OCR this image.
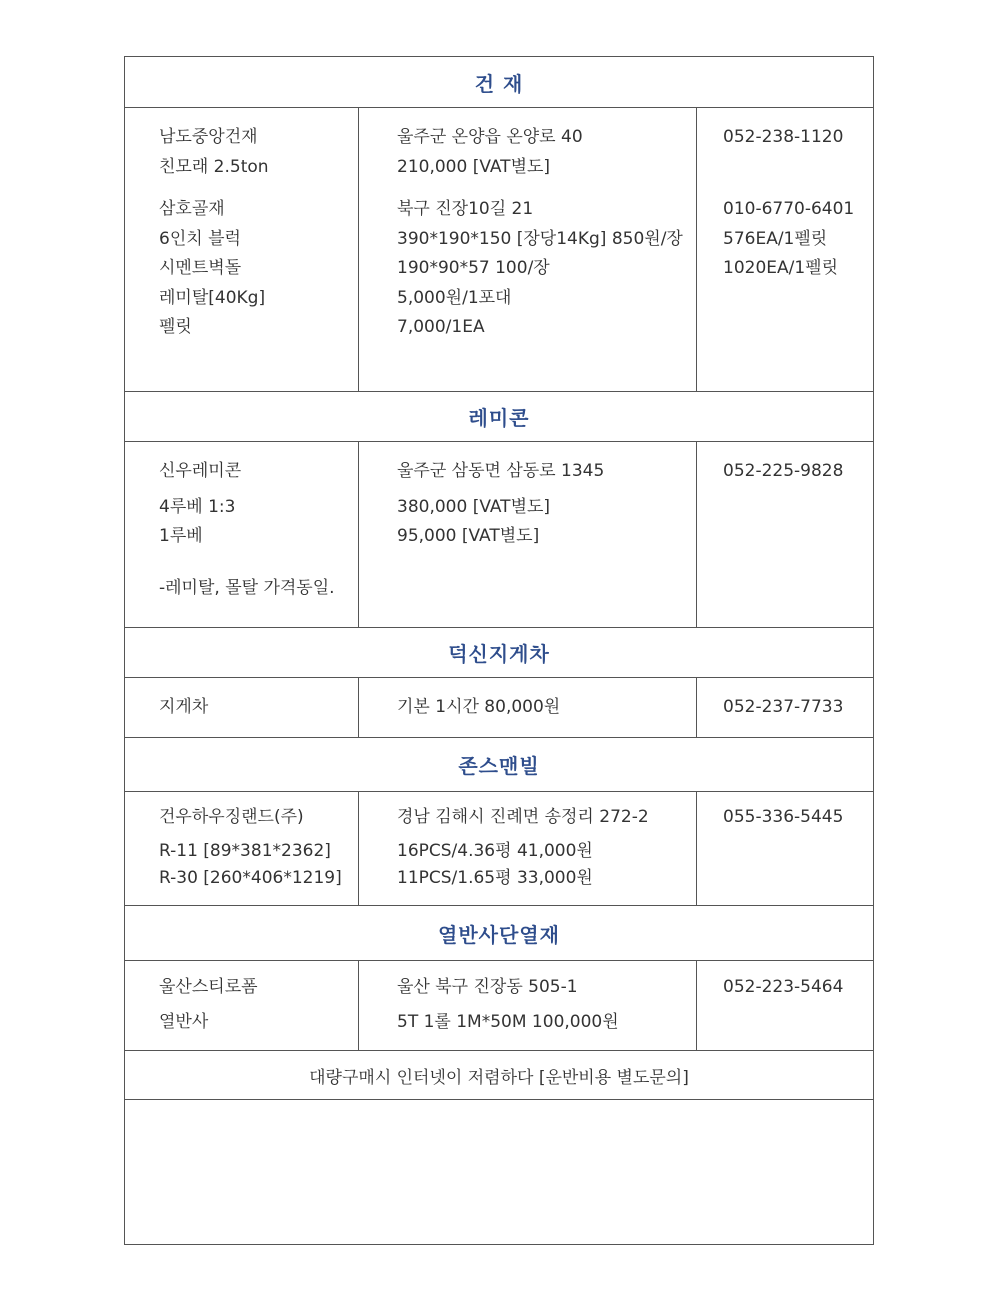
건 재
남도중앙건재
친모래 2.5ton
삼호골재
6인치 블럭
시멘트벽돌
레미탈[40Kg]
펠릿
울주군 온양읍 온양로 40
210,000 [VAT별도]
북구 진장10길 21
390*190*150 [장당14Kg] 850원/장
190*90*57 100/장
5,000원/1포대
7,000/1EA
052-238-1120
010-6770-6401
576EA/1펠릿
1020EA/1펠릿
레미콘
신우레미콘
4루베 1:3
1루베
-레미탈, 몰탈 가격동일.
울주군 삼동면 삼동로 1345
380,000 [VAT별도]
95,000 [VAT별도]
052-225-9828
덕신지게차
지게차	기본 1시간 80,000원	052-237-7733
존스맨빌
건우하우징랜드(주)
R-11 [89*381*2362]
R-30 [260*406*1219]
경남 김해시 진례면 송정리 272-2
16PCS/4.36평 41,000원
11PCS/1.65평 33,000원
055-336-5445
열반사단열재
울산스티로폼
열반사
울산 북구 진장동 505-1
5T 1롤 1M*50M 100,000원
052-223-5464
대량구매시 인터넷이 저렴하다 [운반비용 별도문의]
